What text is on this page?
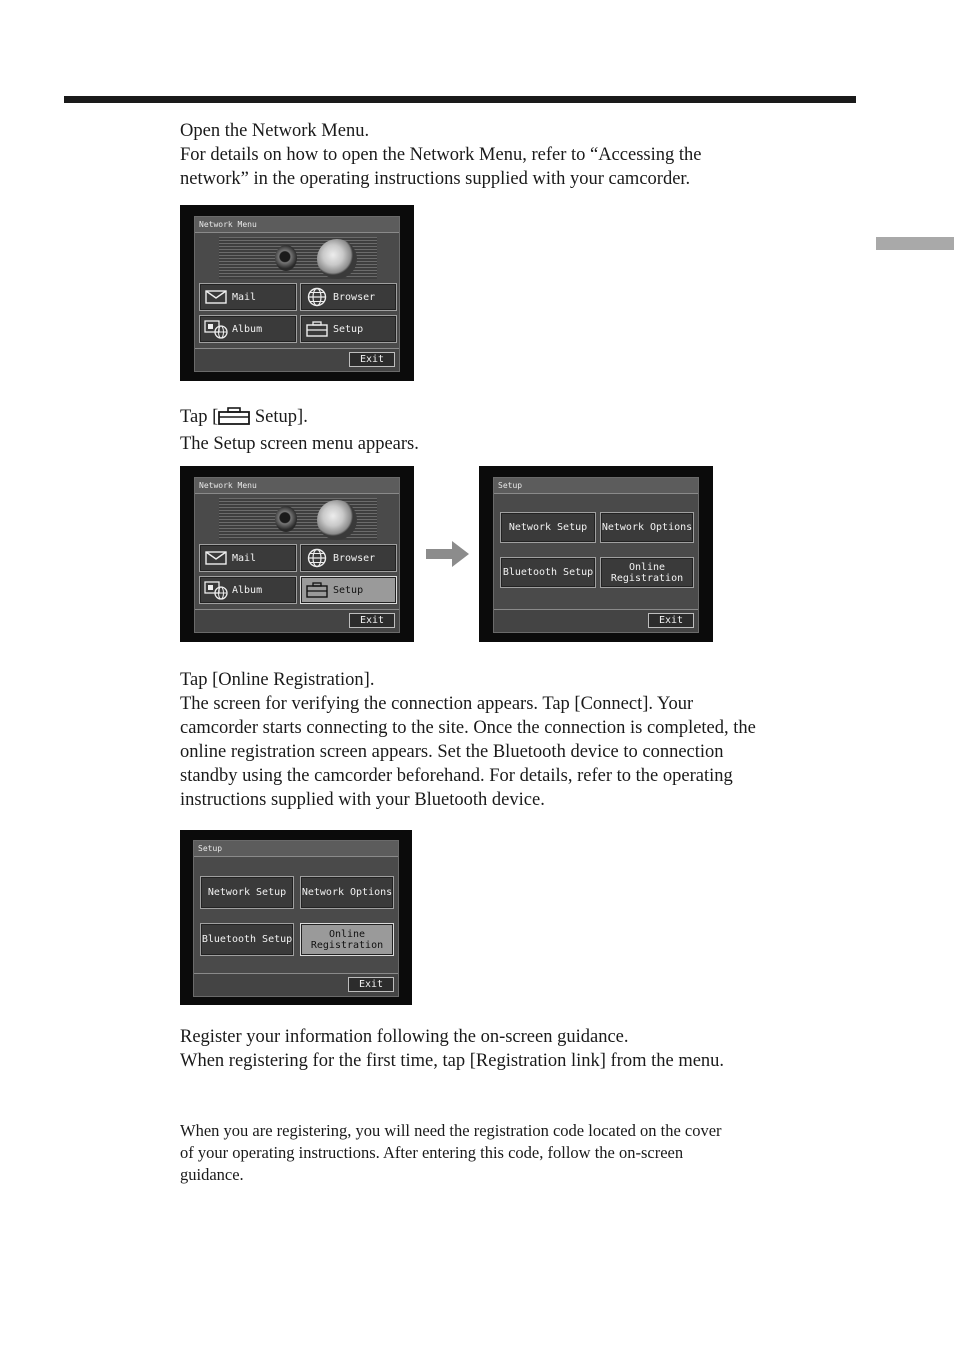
Open the Network Menu.
For details on how to open the Network Menu, refer to “Accessing the
network” in the operating instructions supplied with your camcorder.
Network Menu
Mail	Browser
Album	Setup
Exit
Tap [ Setup].
The Setup screen menu appears.
Network Menu
Mail	Browser
Album	Setup
Exit
Setup
Network Setup	Network Options
Bluetooth Setup	Online
Registration
Exit
Tap [Online Registration].
The screen for verifying the connection appears. Tap [Connect]. Your
camcorder starts connecting to the site. Once the connection is completed, the
online registration screen appears. Set the Bluetooth device to connection
standby using the camcorder beforehand. For details, refer to the operating
instructions supplied with your Bluetooth device.
Setup
Network Setup	Network Options
Bluetooth Setup	Online
Registration
Exit
Register your information following the on-screen guidance.
When registering for the first time, tap [Registration link] from the menu.
When you are registering, you will need the registration code located on the cover
of your operating instructions. After entering this code, follow the on-screen
guidance.
